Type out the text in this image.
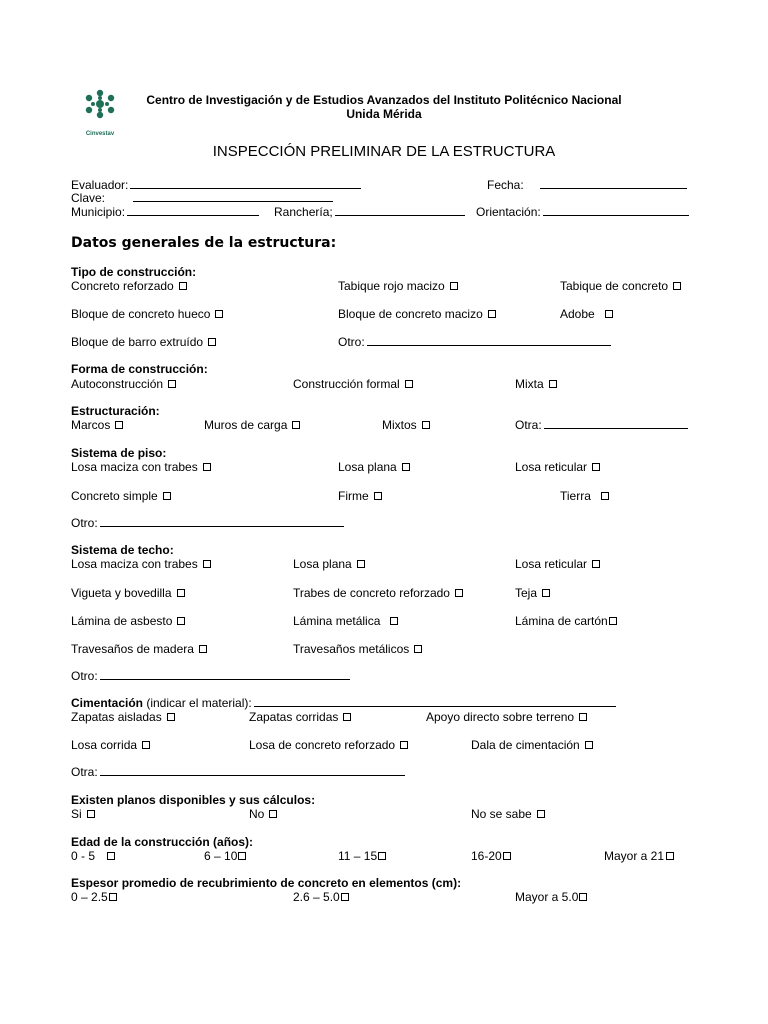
Cinvestav
Centro de Investigación y de Estudios Avanzados del Instituto Politécnico Nacional
Unida Mérida
INSPECCIÓN PRELIMINAR DE LA ESTRUCTURA
Evaluador:	Fecha:
Clave:
Municipio:	Ranchería;	Orientación:
Datos generales de la estructura:
Tipo de construcción:
Concreto reforzado	Tabique rojo macizo	Tabique de concreto
Bloque de concreto hueco	Bloque de concreto macizo	Adobe
Bloque de barro extruído	Otro:
Forma de construcción:
Autoconstrucción	Construcción formal	Mixta
Estructuración:
Marcos	Muros de carga	Mixtos	Otra:
Sistema de piso:
Losa maciza con trabes	Losa plana	Losa reticular
Concreto simple	Firme	Tierra
Otro:
Sistema de techo:
Losa maciza con trabes	Losa plana	Losa reticular
Vigueta y bovedilla	Trabes de concreto reforzado	Teja
Lámina de asbesto	Lámina metálica	Lámina de cartón
Travesaños de madera	Travesaños metálicos
Otro:
Cimentación (indicar el material):
Zapatas aisladas	Zapatas corridas	Apoyo directo sobre terreno
Losa corrida	Losa de concreto reforzado	Dala de cimentación
Otra:
Existen planos disponibles y sus cálculos:
Si	No	No se sabe
Edad de la construcción (años):
0 - 5	6 – 10	11 – 15	16-20	Mayor a 21
Espesor promedio de recubrimiento de concreto en elementos (cm):
0 – 2.5	2.6 – 5.0	Mayor a 5.0
